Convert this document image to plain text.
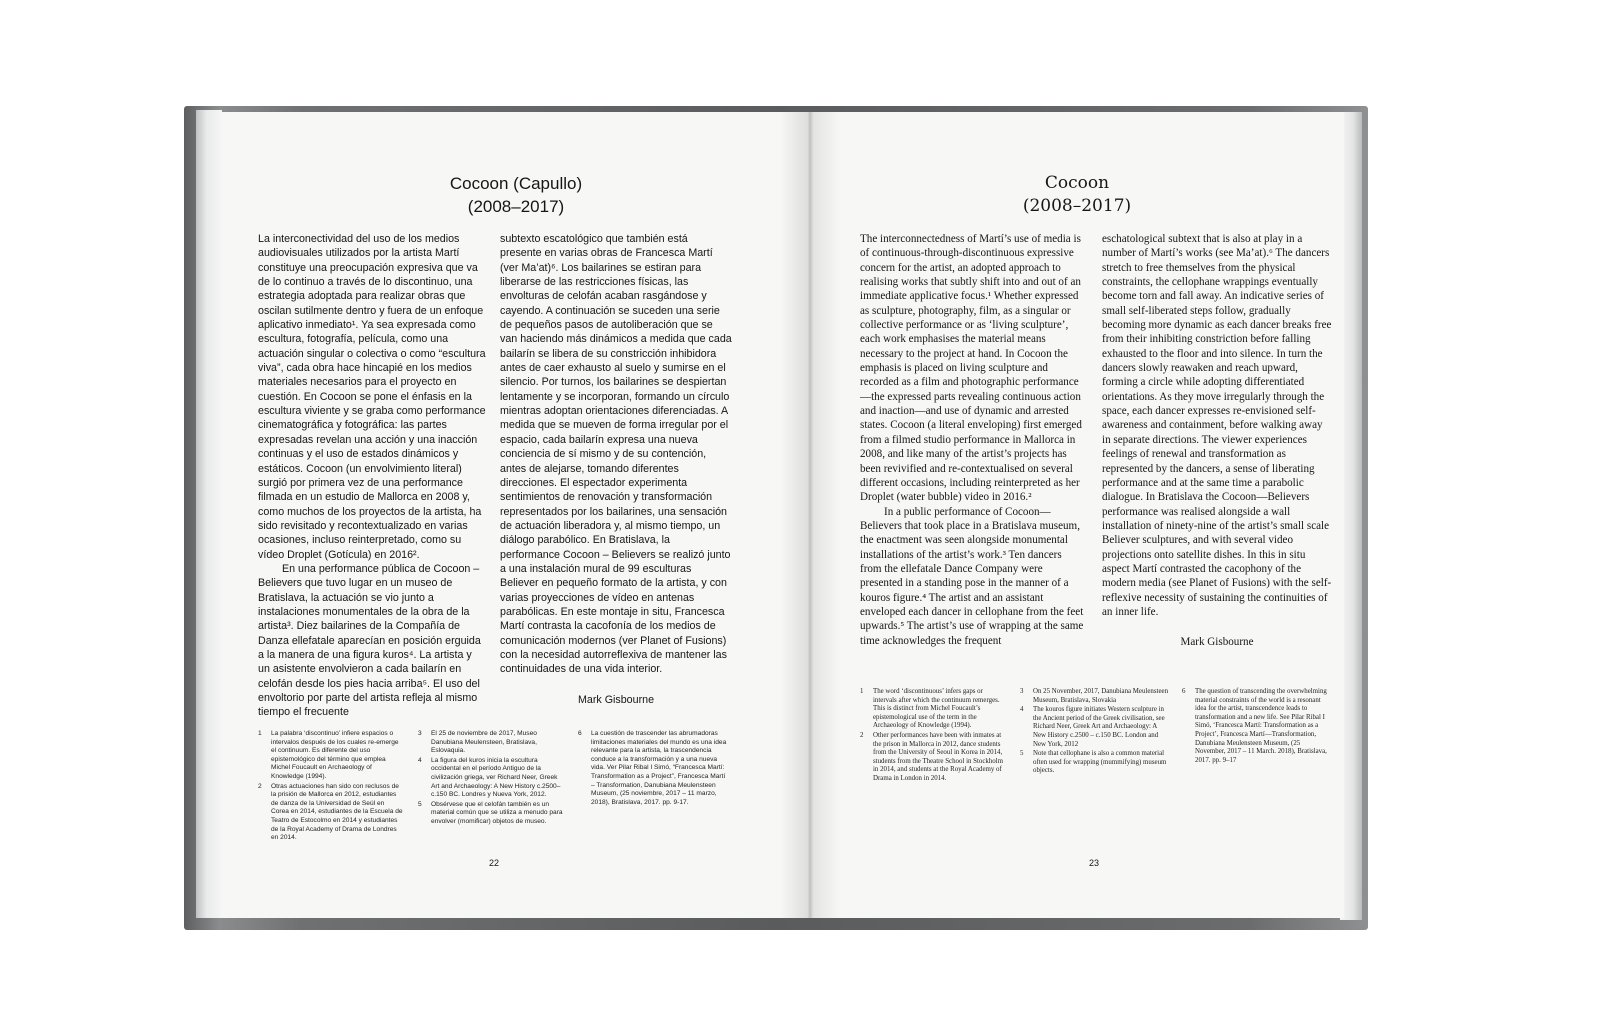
Cocoon (Capullo)
(2008–2017)

La interconectividad del uso de los medios audiovisuales utilizados por la artista Martí constituye una preocupación expresiva que va de lo continuo a través de lo discontinuo, una estrategia adoptada para realizar obras que oscilan sutilmente dentro y fuera de un enfoque aplicativo inmediato¹. Ya sea expresada como escultura, fotografía, película, como una actuación singular o colectiva o como “escultura viva”, cada obra hace hincapié en los medios materiales necesarios para el proyecto en cuestión. En Cocoon se pone el énfasis en la escultura viviente y se graba como performance cinematográfica y fotográfica: las partes expresadas revelan una acción y una inacción continuas y el uso de estados dinámicos y estáticos. Cocoon (un envolvimiento literal) surgió por primera vez de una performance filmada en un estudio de Mallorca en 2008 y, como muchos de los proyectos de la artista, ha sido revisitado y recontextualizado en varias ocasiones, incluso reinterpretado, como su vídeo Droplet (Gotícula) en 2016².

En una performance pública de Cocoon – Believers que tuvo lugar en un museo de Bratislava, la actuación se vio junto a instalaciones monumentales de la obra de la artista³. Diez bailarines de la Compañía de Danza ellefatale aparecían en posición erguida a la manera de una figura kuros⁴. La artista y un asistente envolvieron a cada bailarín en celofán desde los pies hacia arriba⁵. El uso del envoltorio por parte del artista refleja al mismo tiempo el frecuente

subtexto escatológico que también está presente en varias obras de Francesca Martí (ver Ma’at)⁶. Los bailarines se estiran para liberarse de las restricciones físicas, las envolturas de celofán acaban rasgándose y cayendo. A continuación se suceden una serie de pequeños pasos de autoliberación que se van haciendo más dinámicos a medida que cada bailarín se libera de su constricción inhibidora antes de caer exhausto al suelo y sumirse en el silencio. Por turnos, los bailarines se despiertan lentamente y se incorporan, formando un círculo mientras adoptan orientaciones diferenciadas. A medida que se mueven de forma irregular por el espacio, cada bailarín expresa una nueva conciencia de sí mismo y de su contención, antes de alejarse, tomando diferentes direcciones. El espectador experimenta sentimientos de renovación y transformación representados por los bailarines, una sensación de actuación liberadora y, al mismo tiempo, un diálogo parabólico. En Bratislava, la performance Cocoon – Believers se realizó junto a una instalación mural de 99 esculturas Believer en pequeño formato de la artista, y con varias proyecciones de vídeo en antenas parabólicas. En este montaje in situ, Francesca Martí contrasta la cacofonía de los medios de comunicación modernos (ver Planet of Fusions) con la necesidad autorreflexiva de mantener las continuidades de una vida interior.

Mark Gisbourne

1	La palabra ‘discontinuo’ infiere espacios o intervalos después de los cuales re-emerge el continuum. Es diferente del uso epistemológico del término que emplea Michel Foucault en Archaeology of Knowledge (1994).
2	Otras actuaciones han sido con reclusos de la prisión de Mallorca en 2012, estudiantes de danza de la Universidad de Seúl en Corea en 2014, estudiantes de la Escuela de Teatro de Estocolmo en 2014 y estudiantes de la Royal Academy of Drama de Londres en 2014.
3	El 25 de noviembre de 2017, Museo Danubiana Meulensteen, Bratislava, Eslovaquia.
4	La figura del kuros inicia la escultura occidental en el período Antiguo de la civilización griega, ver Richard Neer, Greek Art and Archaeology: A New History c.2500–c.150 BC. Londres y Nueva York, 2012.
5	Obsérvese que el celofán también es un material común que se utiliza a menudo para envolver (momificar) objetos de museo.
6	La cuestión de trascender las abrumadoras limitaciones materiales del mundo es una idea relevante para la artista, la trascendencia conduce a la transformación y a una nueva vida. Ver Pilar Ribal I Simó, “Francesca Martí: Transformation as a Project”, Francesca Martí – Transformation, Danubiana Meulensteen Museum, (25 noviembre, 2017 – 11 marzo, 2018), Bratislava, 2017. pp. 9-17.
22
Cocoon
(2008–2017)

The interconnectedness of Martí’s use of media is of continuous-through-discontinuous expressive concern for the artist, an adopted approach to realising works that subtly shift into and out of an immediate applicative focus.¹ Whether expressed as sculpture, photography, film, as a singular or collective performance or as ‘living sculpture’, each work emphasises the material means necessary to the project at hand. In Cocoon the emphasis is placed on living sculpture and recorded as a film and photographic performance—the expressed parts revealing continuous action and inaction—and use of dynamic and arrested states. Cocoon (a literal enveloping) first emerged from a filmed studio performance in Mallorca in 2008, and like many of the artist’s projects has been revivified and re-contextualised on several different occasions, including reinterpreted as her Droplet (water bubble) video in 2016.²

In a public performance of Cocoon—Believers that took place in a Bratislava museum, the enactment was seen alongside monumental installations of the artist’s work.³ Ten dancers from the ellefatale Dance Company were presented in a standing pose in the manner of a kouros figure.⁴ The artist and an assistant enveloped each dancer in cellophane from the feet upwards.⁵ The artist’s use of wrapping at the same time acknowledges the frequent

eschatological subtext that is also at play in a number of Martí’s works (see Ma’at).⁶ The dancers stretch to free themselves from the physical constraints, the cellophane wrappings eventually become torn and fall away. An indicative series of small self-liberated steps follow, gradually becoming more dynamic as each dancer breaks free from their inhibiting constriction before falling exhausted to the floor and into silence. In turn the dancers slowly reawaken and reach upward, forming a circle while adopting differentiated orientations. As they move irregularly through the space, each dancer expresses re-envisioned self-awareness and containment, before walking away in separate directions. The viewer experiences feelings of renewal and transformation as represented by the dancers, a sense of liberating performance and at the same time a parabolic dialogue. In Bratislava the Cocoon—Believers performance was realised alongside a wall installation of ninety-nine of the artist’s small scale Believer sculptures, and with several video projections onto satellite dishes. In this in situ aspect Martí contrasted the cacophony of the modern media (see Planet of Fusions) with the self-reflexive necessity of sustaining the continuities of an inner life.

Mark Gisbourne

1	The word ‘discontinuous’ infers gaps or intervals after which the continuum remerges. This is distinct from Michel Foucault’s epistemological use of the term in the Archaeology of Knowledge (1994).
2	Other performances have been with inmates at the prison in Mallorca in 2012, dance students from the University of Seoul in Korea in 2014, students from the Theatre School in Stockholm in 2014, and students at the Royal Academy of Drama in London in 2014.
3	On 25 November, 2017, Danubiana Meulensteen Museum, Bratislava, Slovakia
4	The kouros figure initiates Western sculpture in the Ancient period of the Greek civilisation, see Richard Neer, Greek Art and Archaeology: A New History c.2500 – c.150 BC. London and New York, 2012
5	Note that cellophane is also a common material often used for wrapping (mummifying) museum objects.
6	The question of transcending the overwhelming material constraints of the world is a resonant idea for the artist, transcendence leads to transformation and a new life. See Pilar Ribal I Simó, ‘Francesca Martí: Transformation as a Project’, Francesca Martí—Transformation, Danubiana Meulensteen Museum, (25 November, 2017 – 11 March. 2018), Bratislava, 2017. pp. 9–17
23
